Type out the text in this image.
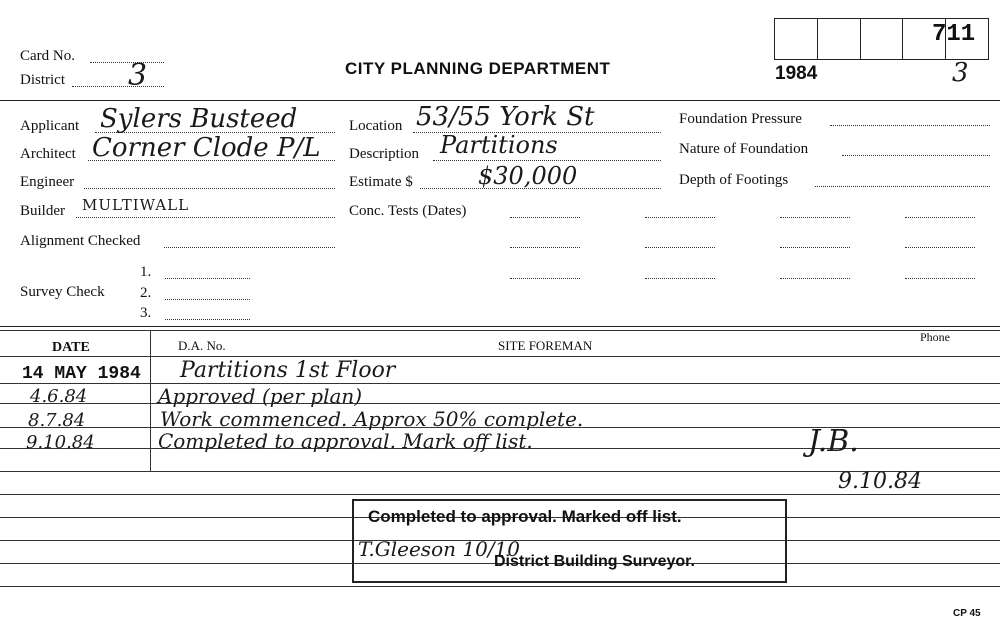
Card No.
District 3	CITY PLANNING DEPARTMENT
711
1984	3
Applicant Sylers Busteed
Architect Corner Clode P/L
Engineer
Builder MULTIWALL
Alignment Checked
1.
Survey Check 2.
3.
Location 53/55 York St
Description Partitions
Estimate $	$30,000
Conc. Tests (Dates)
Foundation Pressure
Nature of Foundation
Depth of Footings
DATE	D.A. No.	SITE FOREMAN
Phone
14 MAY 1984 Partitions 1st Floor
4.6.84	Approved (per plan)
8.7.84	Work commenced. Approx 50% complete.
9.10.84	Completed to approval. Mark off list.	J.B.
9.10.84
Completed to approval. Marked off list.
T.Gleeson 10/10
District Building Surveyor.
CP 45
